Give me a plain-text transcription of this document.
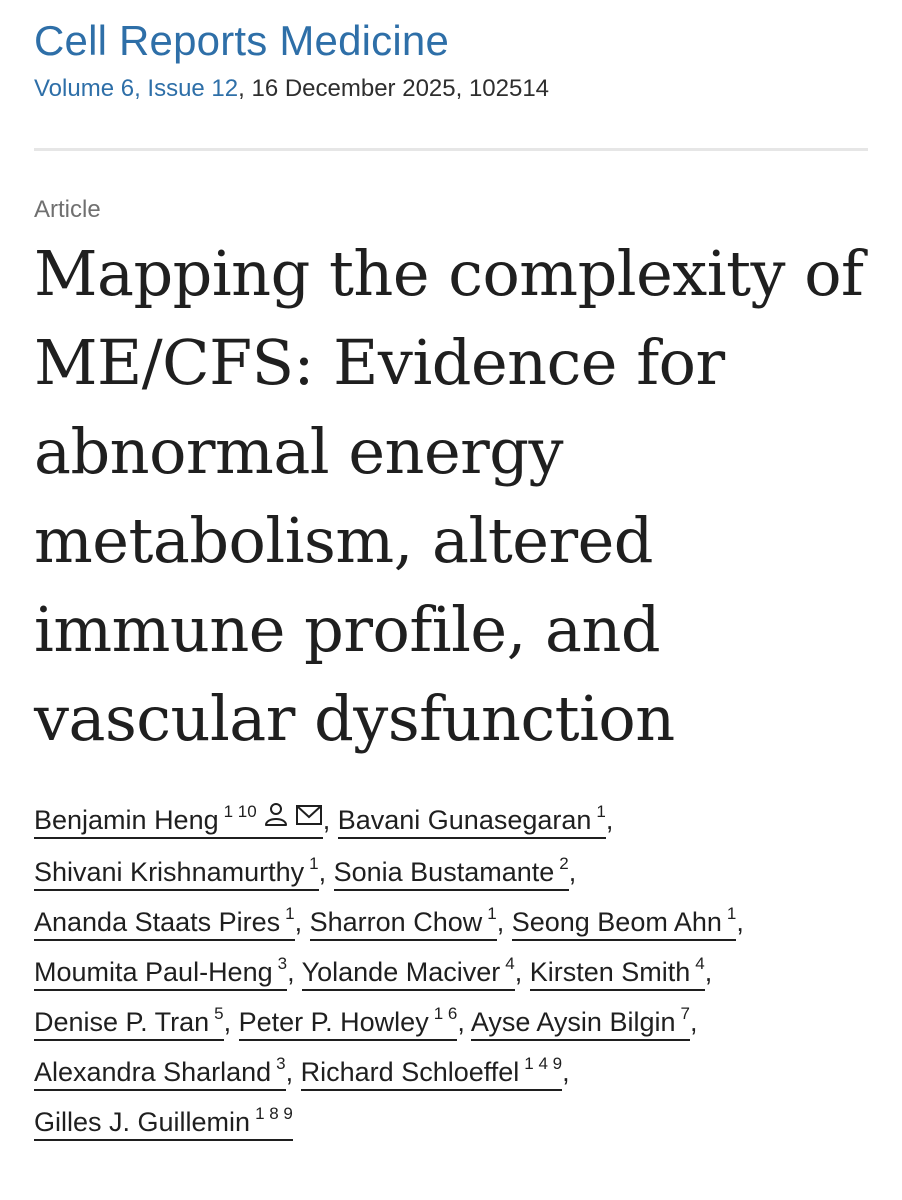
Cell Reports Medicine
Volume 6, Issue 12, 16 December 2025, 102514
Article
Mapping the complexity of ME/CFS: Evidence for abnormal energy metabolism, altered immune profile, and vascular dysfunction
Benjamin Heng $^{1 10}$ , Bavani Gunasegaran $^1$,
Shivani Krishnamurthy $^1$, Sonia Bustamante $^2$,
Ananda Staats Pires $^1$, Sharron Chow $^1$, Seong Beom Ahn $^1$,
Moumita Paul-Heng $^3$, Yolande Maciver $^4$, Kirsten Smith $^4$,
Denise P. Tran $^5$, Peter P. Howley $^{1 6}$, Ayse Aysin Bilgin $^7$,
Alexandra Sharland $^3$, Richard Schloeffel $^{1 4 9}$,
Gilles J. Guillemin $^{1 8 9}$
